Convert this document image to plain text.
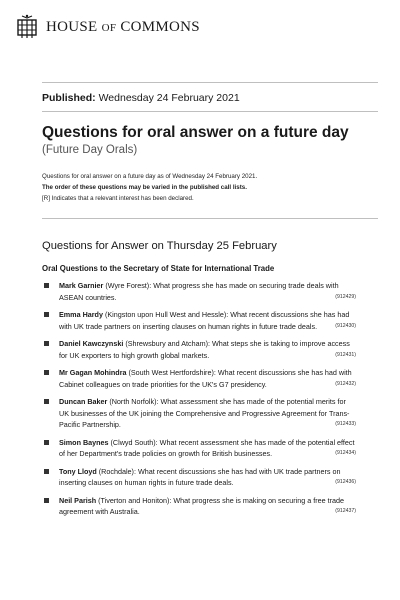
HOUSE OF COMMONS
Published: Wednesday 24 February 2021
Questions for oral answer on a future day
(Future Day Orals)
Questions for oral answer on a future day as of Wednesday 24 February 2021.
The order of these questions may be varied in the published call lists.
[R] Indicates that a relevant interest has been declared.
Questions for Answer on Thursday 25 February
Oral Questions to the Secretary of State for International Trade
Mark Garnier (Wyre Forest): What progress she has made on securing trade deals with ASEAN countries.	(912429)
Emma Hardy (Kingston upon Hull West and Hessle): What recent discussions she has had with UK trade partners on inserting clauses on human rights in future trade deals.	(912430)
Daniel Kawczynski (Shrewsbury and Atcham): What steps she is taking to improve access for UK exporters to high growth global markets.	(912431)
Mr Gagan Mohindra (South West Hertfordshire): What recent discussions she has had with Cabinet colleagues on trade priorities for the UK's G7 presidency.	(912432)
Duncan Baker (North Norfolk): What assessment she has made of the potential merits for UK businesses of the UK joining the Comprehensive and Progressive Agreement for Trans-Pacific Partnership.	(912433)
Simon Baynes (Clwyd South): What recent assessment she has made of the potential effect of her Department's trade policies on growth for British businesses.	(912434)
Tony Lloyd (Rochdale): What recent discussions she has had with UK trade partners on inserting clauses on human rights in future trade deals.	(912436)
Neil Parish (Tiverton and Honiton): What progress she is making on securing a free trade agreement with Australia.	(912437)
